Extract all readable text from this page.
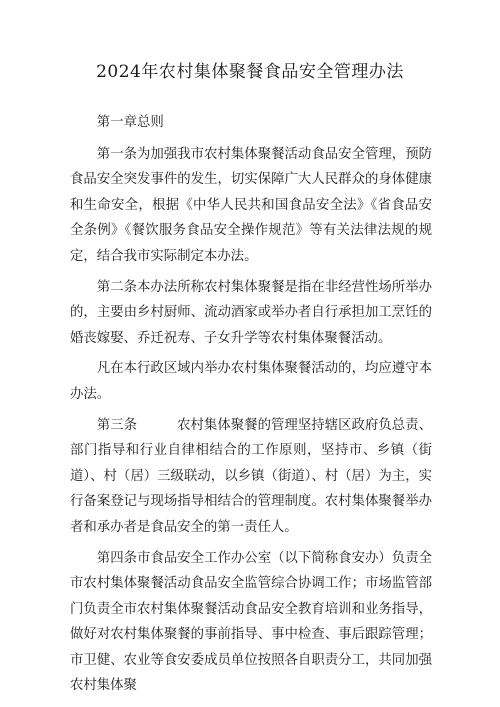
2024年农村集体聚餐食品安全管理办法

第一章总则

第一条为加强我市农村集体聚餐活动食品安全管理，预防食品安全突发事件的发生，切实保障广大人民群众的身体健康和生命安全，根据《中华人民共和国食品安全法》《省食品安全条例》《餐饮服务食品安全操作规范》等有关法律法规的规定，结合我市实际制定本办法。

第二条本办法所称农村集体聚餐是指在非经营性场所举办的，主要由乡村厨师、流动酒家或举办者自行承担加工烹饪的婚丧嫁娶、乔迁祝寿、子女升学等农村集体聚餐活动。

凡在本行政区域内举办农村集体聚餐活动的，均应遵守本办法。

第三条	农村集体聚餐的管理坚持辖区政府负总责、部门指导和行业自律相结合的工作原则，坚持市、乡镇（街道）、村（居）三级联动，以乡镇（街道）、村（居）为主，实行备案登记与现场指导相结合的管理制度。农村集体聚餐举办者和承办者是食品安全的第一责任人。

第四条市食品安全工作办公室（以下简称食安办）负责全市农村集体聚餐活动食品安全监管综合协调工作；市场监管部门负责全市农村集体聚餐活动食品安全教育培训和业务指导，做好对农村集体聚餐的事前指导、事中检查、事后跟踪管理；市卫健、农业等食安委成员单位按照各自职责分工，共同加强农村集体聚
